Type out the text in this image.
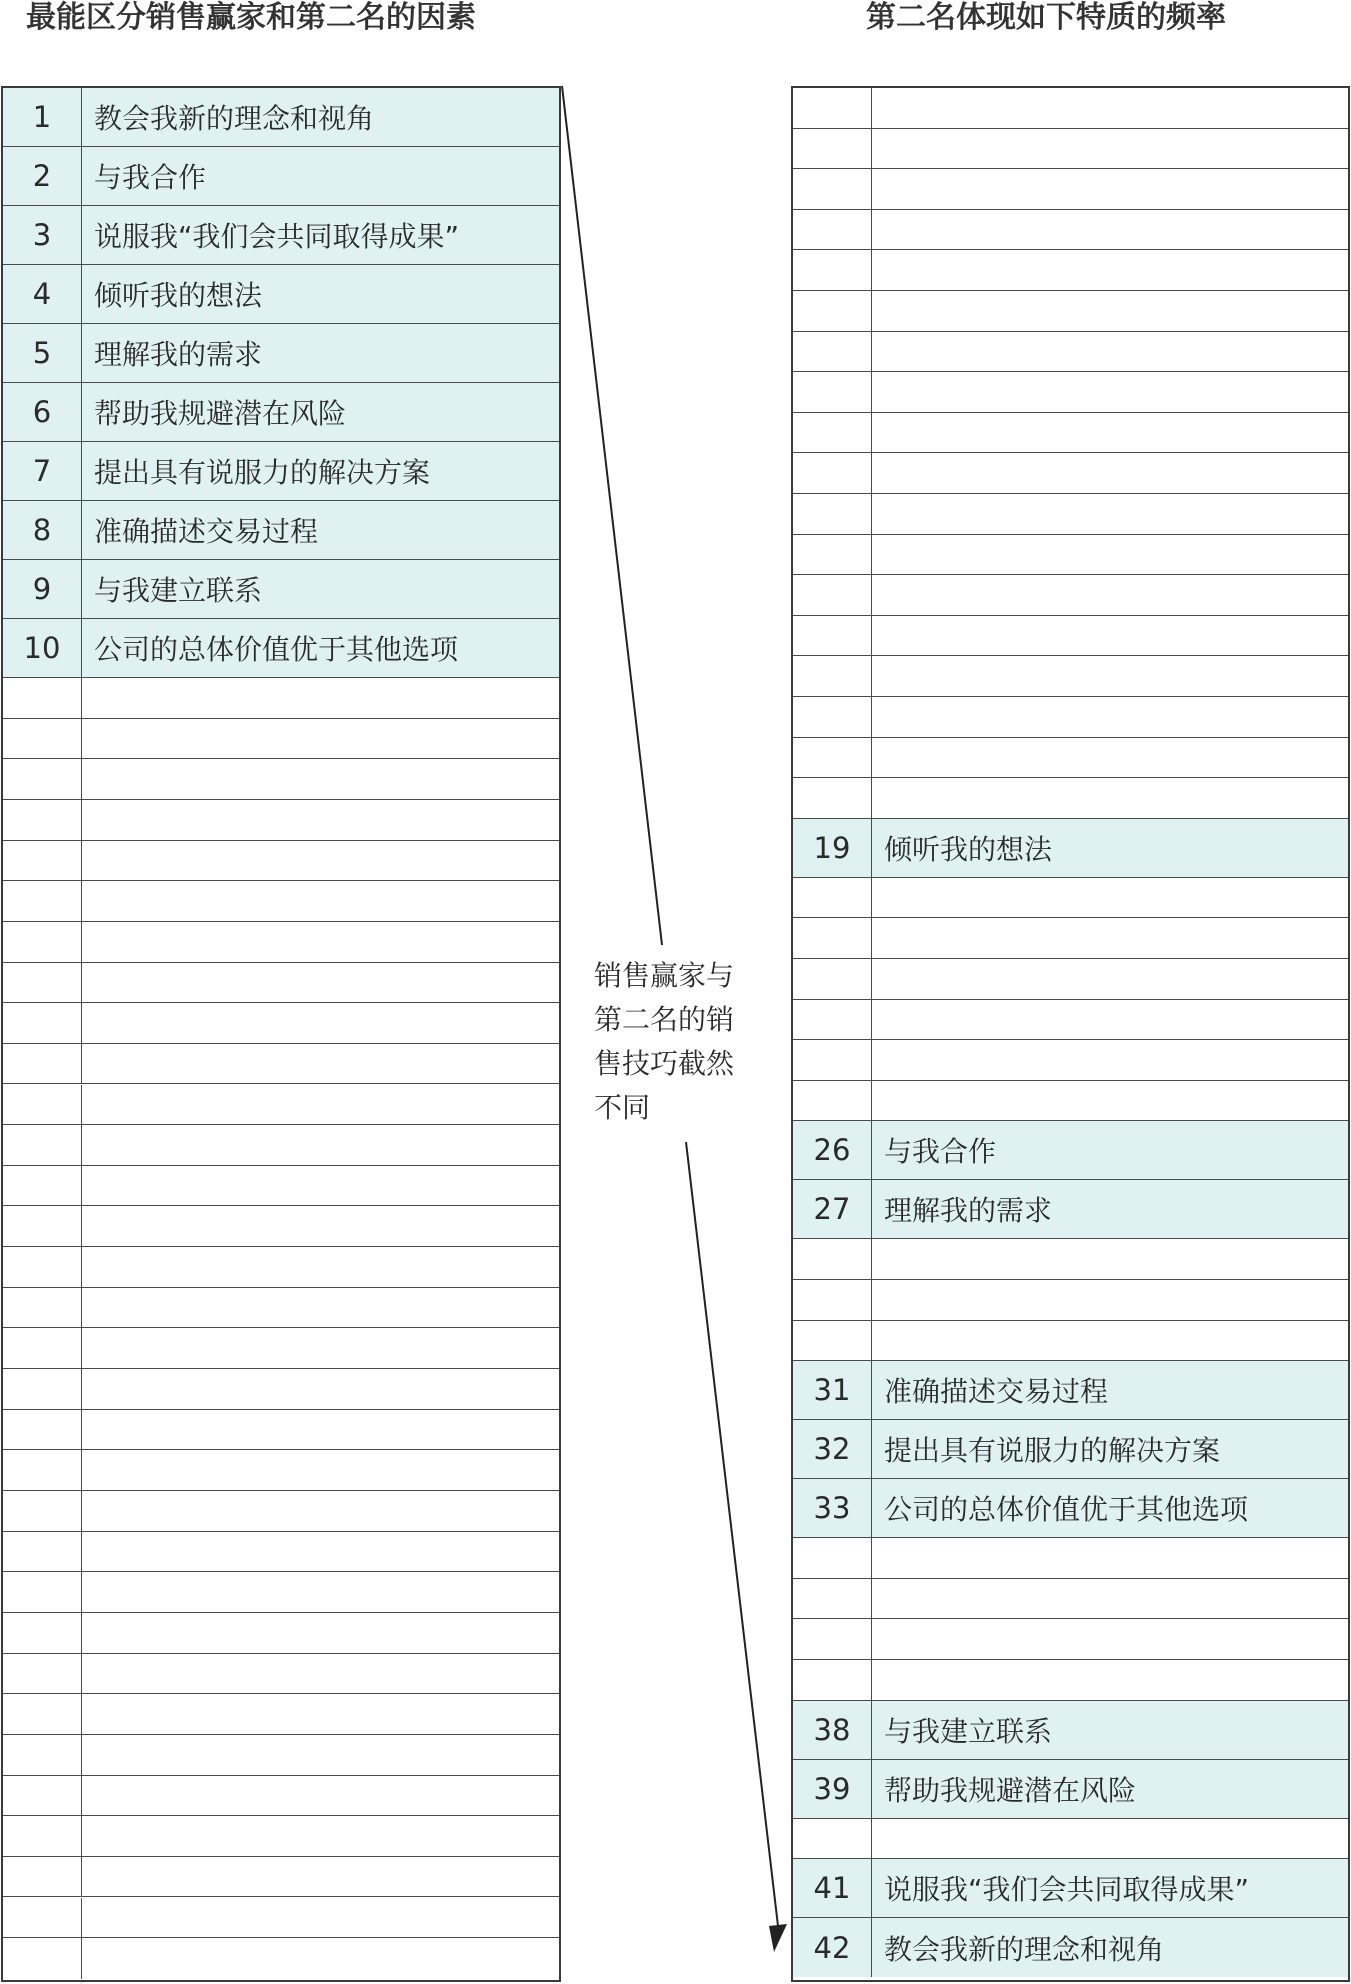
最能区分销售赢家和第二名的因素	第二名体现如下特质的频率
1	教会我新的理念和视角
2	与我合作
3	说服我“我们会共同取得成果”
4	倾听我的想法
5	理解我的需求
6	帮助我规避潜在风险
7	提出具有说服力的解决方案
8	准确描述交易过程
9	与我建立联系
10	公司的总体价值优于其他选项
19	倾听我的想法
26	与我合作
27	理解我的需求
31	准确描述交易过程
32	提出具有说服力的解决方案
33	公司的总体价值优于其他选项
38	与我建立联系
39	帮助我规避潜在风险
41	说服我“我们会共同取得成果”
42	教会我新的理念和视角
销售赢家与第二名的销售技巧截然不同
